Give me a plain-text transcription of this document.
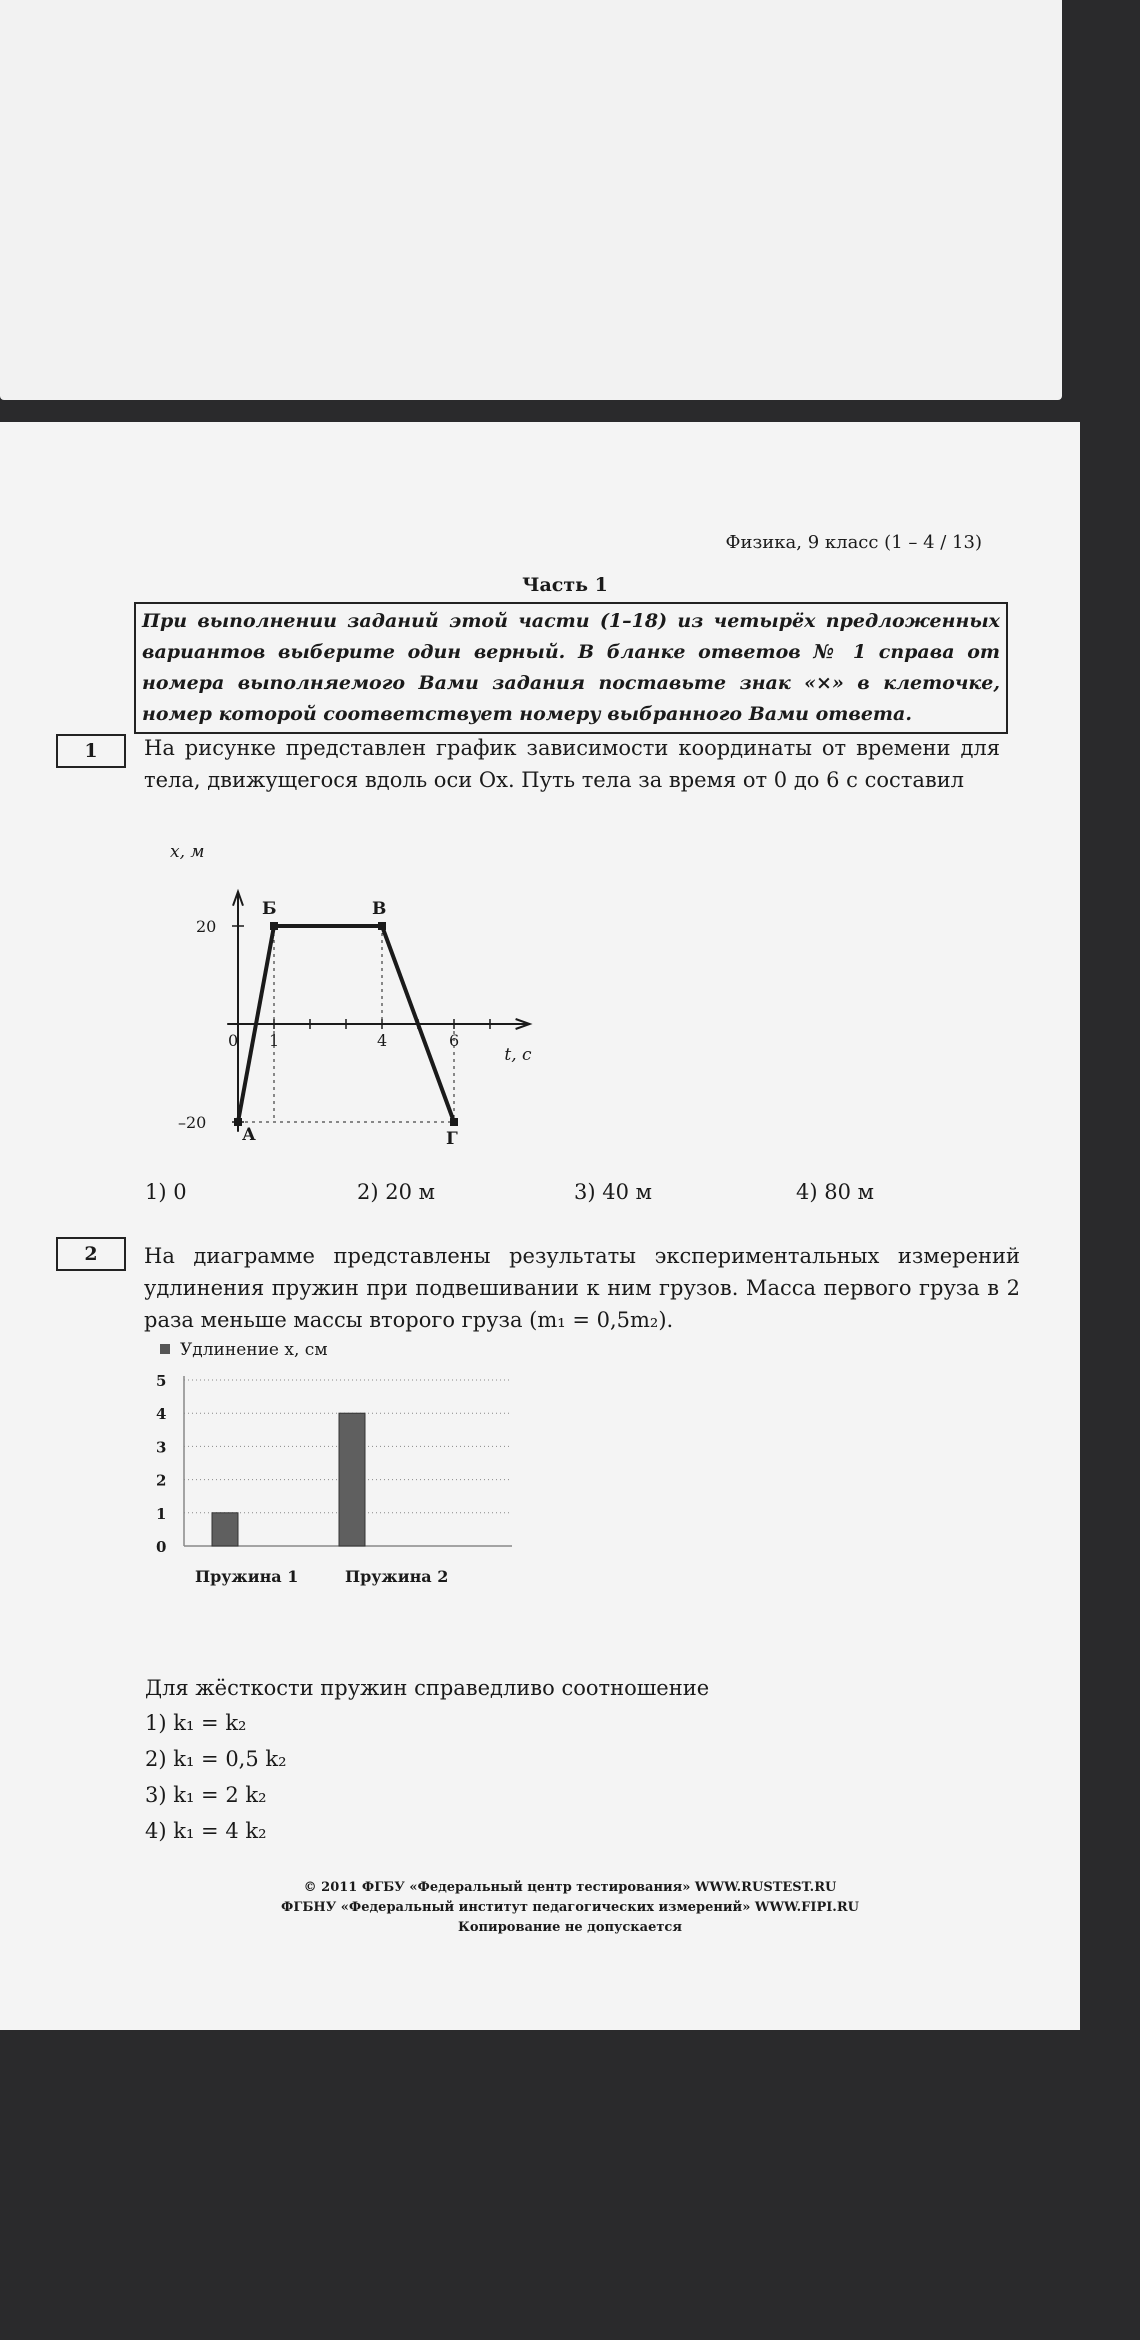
Физика, 9 класс (1 – 4 / 13)
Часть 1
При выполнении заданий этой части (1–18) из четырёх предложенных вариантов выберите один верный. В бланке ответов № 1 справа от номера выполняемого Вами задания поставьте знак «×» в клеточке, номер которой соответствует номеру выбранного Вами ответа.
1	На рисунке представлен график зависимости координаты от времени для тела, движущегося вдоль оси Ox. Путь тела за время от 0 до 6 с составил
0 1	4	6
20
–20
x, м
t, c
А
Б	В
Г
1) 0	2) 20 м	3) 40 м	4) 80 м
2	На диаграмме представлены результаты экспериментальных измерений удлинения пружин при подвешивании к ним грузов. Масса первого груза в 2 раза меньше массы второго груза (m₁ = 0,5m₂).
Удлинение x, см
0
1
2
3
4
5
Пружина 1	Пружина 2
Для жёсткости пружин справедливо соотношение
1) k₁ = k₂
2) k₁ = 0,5 k₂
3) k₁ = 2 k₂
4) k₁ = 4 k₂
© 2011 ФГБУ «Федеральный центр тестирования» WWW.RUSTEST.RU
ФГБНУ «Федеральный институт педагогических измерений» WWW.FIPI.RU
Копирование не допускается
